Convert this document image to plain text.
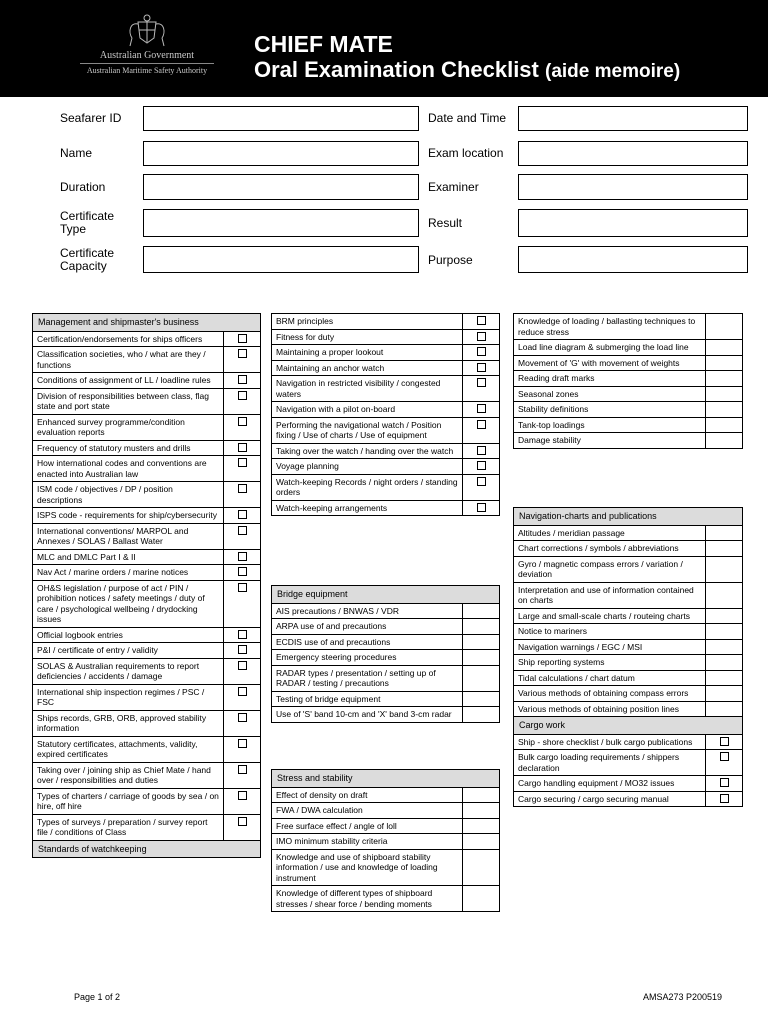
Australian Government
Australian Maritime Safety Authority
CHIEF MATE
Oral Examination Checklist (aide memoire)
Seafarer ID
Name
Duration
Certificate Type
Certificate Capacity
Date and Time
Exam location
Examiner
Result
Purpose
Management and shipmaster's business	
Certification/endorsements for ships officers	
Classification societies, who / what are they / functions	
Conditions of assignment of LL / loadline rules	
Division of responsibilities between class, flag state and port state	
Enhanced survey programme/condition evaluation reports	
Frequency of statutory musters and drills	
How international codes and conventions are enacted into Australian law	
ISM code / objectives / DP / position descriptions	
ISPS code - requirements for ship/cybersecurity	
International conventions/ MARPOL and Annexes / SOLAS / Ballast Water	
MLC and DMLC Part I & II	
Nav Act / marine orders / marine notices	
OH&S legislation / purpose of act / PIN / prohibition notices / safety meetings / duty of care / psychological wellbeing / drydocking issues	
Official logbook entries	
P&I / certificate of entry / validity	
SOLAS & Australian requirements to report deficiencies / accidents / damage	
International ship inspection regimes / PSC / FSC	
Ships records, GRB, ORB, approved stability information	
Statutory certificates, attachments, validity, expired certificates	
Taking over / joining ship as Chief Mate / hand over / responsibilities and duties	
Types of charters / carriage of goods by sea / on hire, off hire	
Types of surveys / preparation / survey report file / conditions of Class	
Standards of watchkeeping	
BRM principles	
Fitness for duty	
Maintaining a proper lookout	
Maintaining an anchor watch	
Navigation in restricted visibility / congested waters	
Navigation with a pilot on-board	
Performing the navigational watch / Position fixing / Use of charts / Use of equipment	
Taking over the watch / handing over the watch	
Voyage planning	
Watch-keeping Records / night orders / standing orders	
Watch-keeping arrangements	
Bridge equipment	
AIS precautions / BNWAS / VDR	
ARPA use of and precautions	
ECDIS use of and precautions	
Emergency steering procedures	
RADAR types / presentation / setting up of RADAR / testing / precautions	
Testing of bridge equipment	
Use of 'S' band 10-cm and 'X' band 3-cm radar	
Stress and stability	
Effect of density on draft	
FWA / DWA calculation	
Free surface effect / angle of loll	
IMO minimum stability criteria	
Knowledge and use of shipboard stability information / use and knowledge of loading instrument	
Knowledge of different types of shipboard stresses / shear force / bending moments	
Knowledge of loading / ballasting techniques to reduce stress	
Load line diagram & submerging the load line	
Movement of 'G' with movement of weights	
Reading draft marks	
Seasonal zones	
Stability definitions	
Tank-top loadings	
Damage stability	
Navigation-charts and publications	
Altitudes / meridian passage	
Chart corrections / symbols / abbreviations	
Gyro / magnetic compass errors / variation / deviation	
Interpretation and use of information contained on charts	
Large and small-scale charts / routeing charts	
Notice to mariners	
Navigation warnings / EGC / MSI	
Ship reporting systems	
Tidal calculations / chart datum	
Various methods of obtaining compass errors	
Various methods of obtaining position lines	
Cargo work	
Ship - shore checklist / bulk cargo publications	
Bulk cargo loading requirements / shippers declaration	
Cargo handling equipment / MO32 issues	
Cargo securing / cargo securing manual	
Page 1 of 2	AMSA273 P200519
